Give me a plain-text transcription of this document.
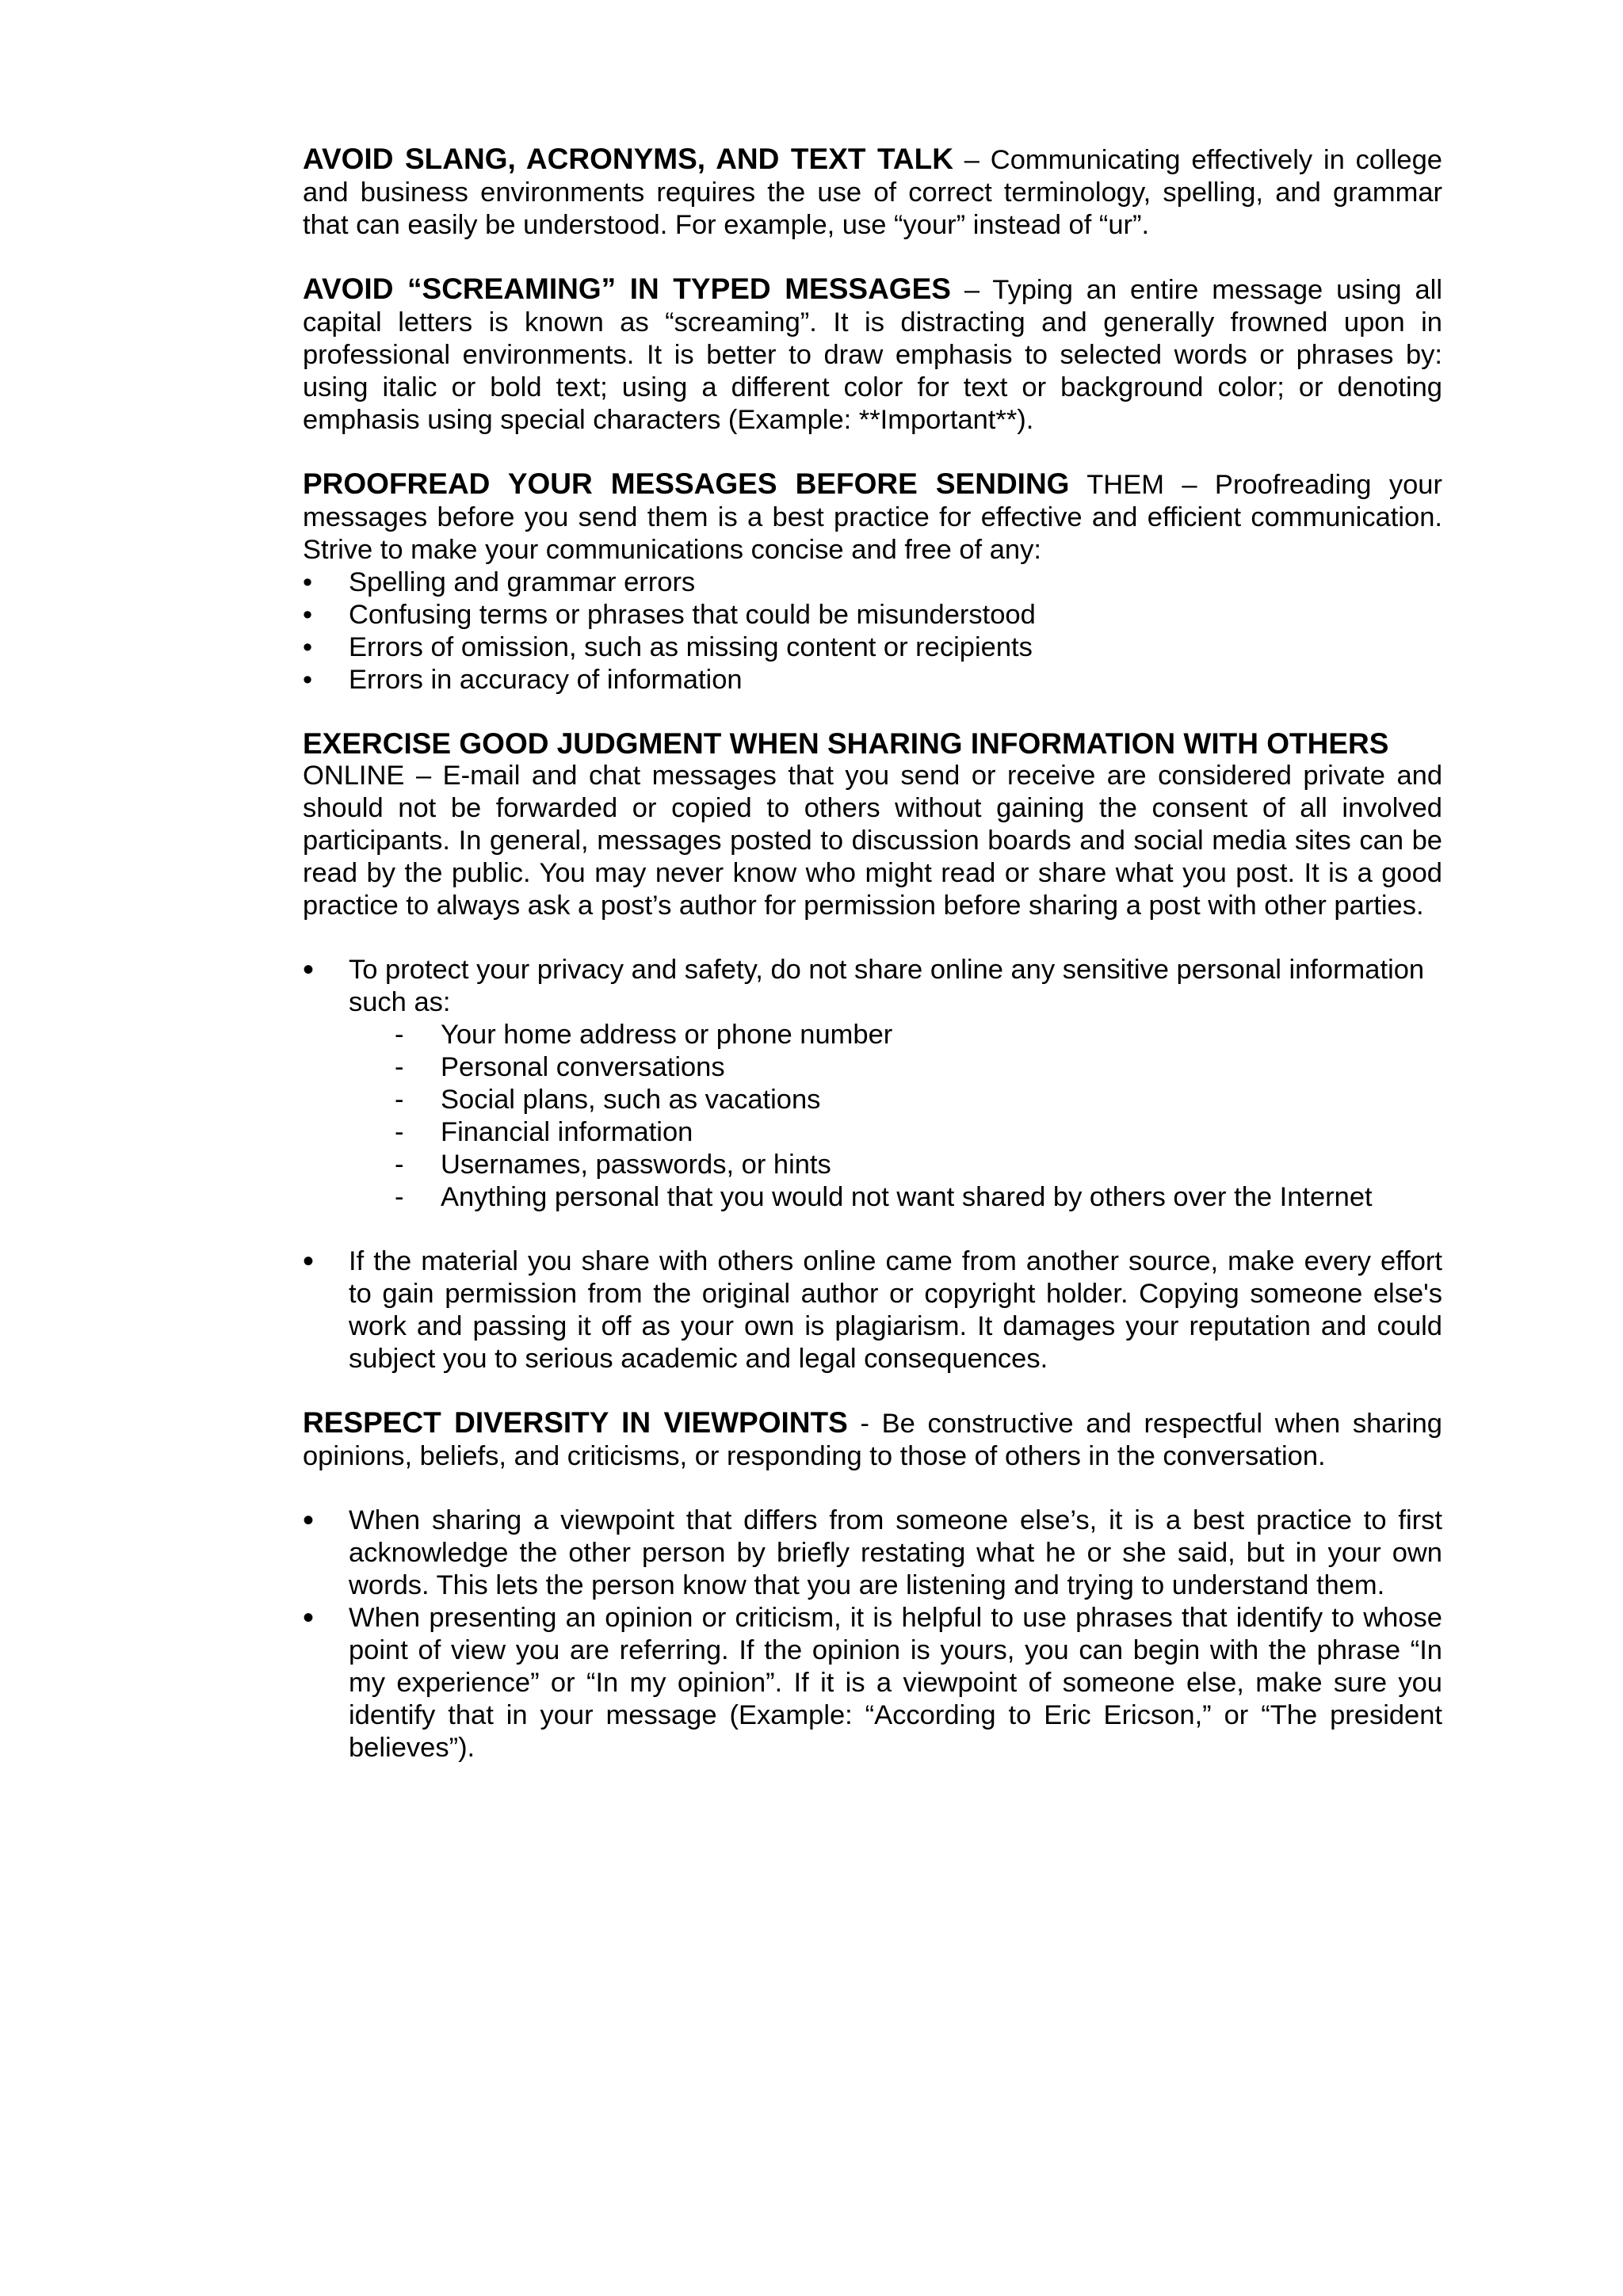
AVOID SLANG, ACRONYMS, AND TEXT TALK – Communicating effectively in college and business environments requires the use of correct terminology, spelling, and grammar that can easily be understood. For example, use “your” instead of “ur”.

AVOID “SCREAMING” IN TYPED MESSAGES – Typing an entire message using all capital letters is known as “screaming”. It is distracting and generally frowned upon in professional environments. It is better to draw emphasis to selected words or phrases by: using italic or bold text; using a different color for text or background color; or denoting emphasis using special characters (Example: **Important**).

PROOFREAD YOUR MESSAGES BEFORE SENDING THEM – Proofreading your messages before you send them is a best practice for effective and efficient communication. Strive to make your communications concise and free of any:

• Spelling and grammar errors
• Confusing terms or phrases that could be misunderstood
• Errors of omission, such as missing content or recipients
• Errors in accuracy of information
EXERCISE GOOD JUDGMENT WHEN SHARING INFORMATION WITH OTHERS

ONLINE – E-mail and chat messages that you send or receive are considered private and should not be forwarded or copied to others without gaining the consent of all involved participants. In general, messages posted to discussion boards and social media sites can be read by the public. You may never know who might read or share what you post. It is a good practice to always ask a post’s author for permission before sharing a post with other parties.

• To protect your privacy and safety, do not share online any sensitive personal information such as:
- Your home address or phone number
- Personal conversations
- Social plans, such as vacations
- Financial information
- Usernames, passwords, or hints
- Anything personal that you would not want shared by others over the Internet
• If the material you share with others online came from another source, make every effort to gain permission from the original author or copyright holder. Copying someone else's work and passing it off as your own is plagiarism. It damages your reputation and could subject you to serious academic and legal consequences.

RESPECT DIVERSITY IN VIEWPOINTS - Be constructive and respectful when sharing opinions, beliefs, and criticisms, or responding to those of others in the conversation.

• When sharing a viewpoint that differs from someone else’s, it is a best practice to first acknowledge the other person by briefly restating what he or she said, but in your own words. This lets the person know that you are listening and trying to understand them.
• When presenting an opinion or criticism, it is helpful to use phrases that identify to whose point of view you are referring. If the opinion is yours, you can begin with the phrase “In my experience” or “In my opinion”. If it is a viewpoint of someone else, make sure you identify that in your message (Example: “According to Eric Ericson,” or “The president believes”).
